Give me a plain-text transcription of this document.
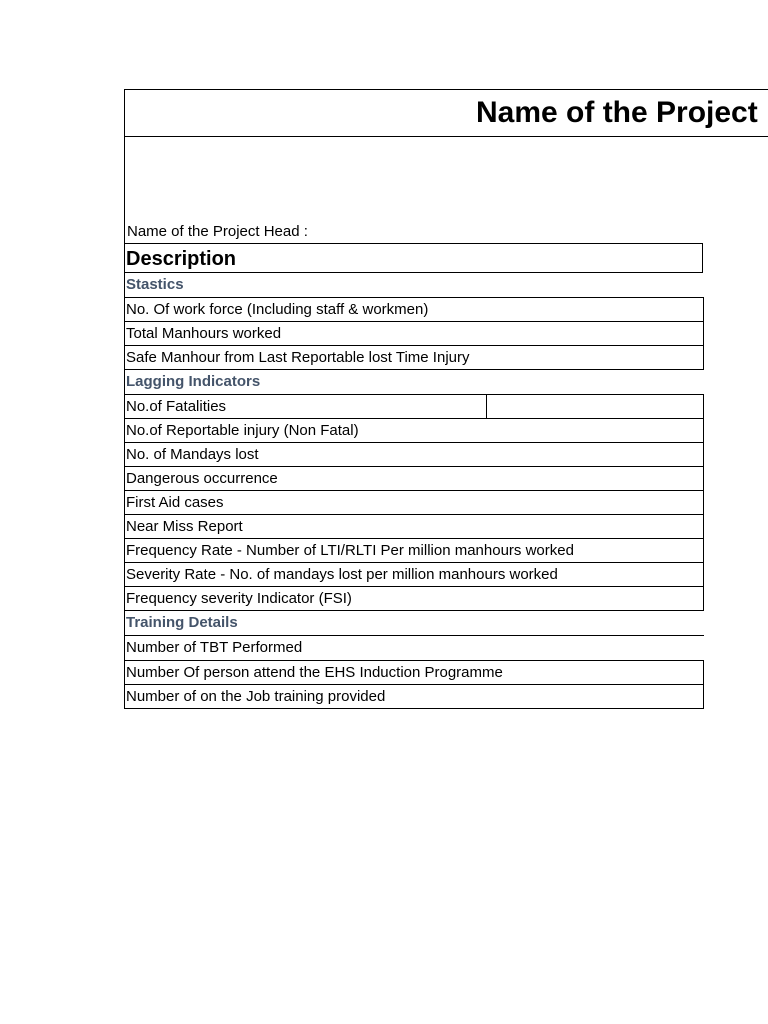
Name of the Project
Name of the Project Head :
Description
Stastics
No. Of work force (Including staff & workmen)
Total Manhours worked
Safe Manhour from Last Reportable lost Time Injury
Lagging Indicators
No.of Fatalities
No.of Reportable injury (Non Fatal)
No. of Mandays lost
Dangerous occurrence
First Aid cases
Near Miss Report
Frequency Rate - Number of LTI/RLTI Per million manhours worked
Severity Rate - No. of mandays lost per million manhours worked
Frequency severity Indicator (FSI)
Training Details
Number of TBT Performed
Number Of person attend the EHS Induction Programme
Number of on the Job training provided
